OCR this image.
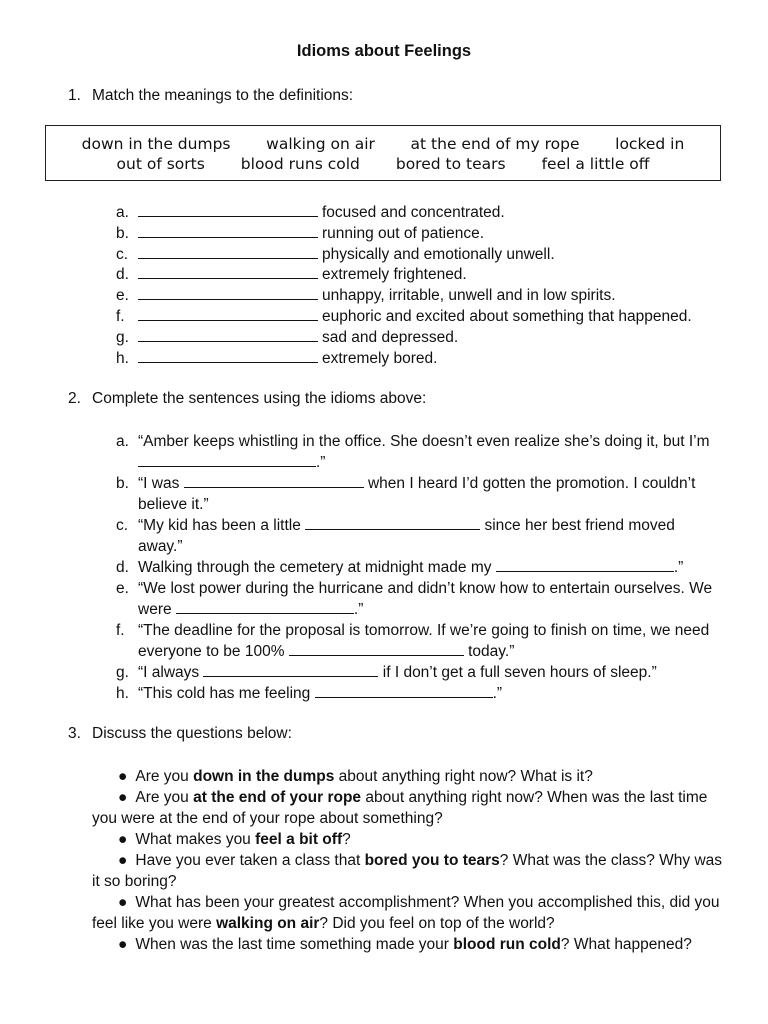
Idioms about Feelings
1. Match the meanings to the definitions:
down in the dumps walking on air at the end of my rope locked in
out of sorts blood runs cold bored to tears feel a little off
a.	focused and concentrated.
b.	running out of patience.
c.	physically and emotionally unwell.
d.	extremely frightened.
e.	unhappy, irritable, unwell and in low spirits.
f.	euphoric and excited about something that happened.
g.	sad and depressed.
h.	extremely bored.
2. Complete the sentences using the idioms above:
a. “Amber keeps whistling in the office. She doesn’t even realize she’s doing it, but I’m .”
b. “I was	when I heard I’d gotten the promotion. I couldn’t believe it.”
c. “My kid has been a little	since her best friend moved away.”
d. Walking through the cemetery at midnight made my	.”
e. “We lost power during the hurricane and didn’t know how to entertain ourselves. We were	.”
f. “The deadline for the proposal is tomorrow. If we’re going to finish on time, we need everyone to be 100%	today.”
g. “I always	if I don’t get a full seven hours of sleep.”
h. “This cold has me feeling	.”
3. Discuss the questions below:

● Are you down in the dumps about anything right now? What is it?

● Are you at the end of your rope about anything right now? When was the last time you were at the end of your rope about something?

● What makes you feel a bit off?

● Have you ever taken a class that bored you to tears? What was the class? Why was it so boring?

● What has been your greatest accomplishment? When you accomplished this, did you feel like you were walking on air? Did you feel on top of the world?

● When was the last time something made your blood run cold? What happened?
